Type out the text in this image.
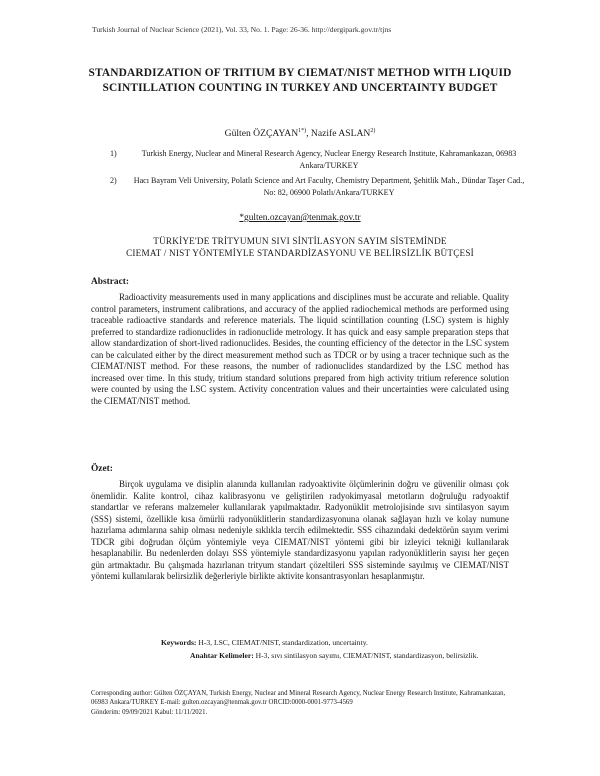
Turkish Journal of Nuclear Science (2021), Vol. 33, No. 1. Page: 26-36. http://dergipark.gov.tr/tjns
STANDARDIZATION OF TRITIUM BY CIEMAT/NIST METHOD WITH LIQUID SCINTILLATION COUNTING IN TURKEY AND UNCERTAINTY BUDGET
Gülten $ÖZÇAYAN^{1*)}$, Nazife ASLAN$^{2)}$
1)	Turkish Energy, Nuclear and Mineral Research Agency, Nuclear Energy Research Institute, Kahramankazan, 06983 Ankara/TURKEY
2)	Hacı Bayram Veli University, Polatlı Science and Art Faculty, Chemistry Department, Şehitlik Mah., Dündar Taşer Cad., No: 82, 06900 Polatlı/Ankara/TURKEY
*gulten.ozcayan@tenmak.gov.tr
TÜRKİYE'DE TRİTYUMUN SIVI SİNTİLASYON SAYIM SİSTEMİNDE
CIEMAT / NIST YÖNTEMİYLE STANDARDİZASYONU VE BELİRSİZLİK BÜTÇESİ
Abstract:
Radioactivity measurements used in many applications and disciplines must be accurate and reliable. Quality control parameters, instrument calibrations, and accuracy of the applied radiochemical methods are performed using traceable radioactive standards and reference materials. The liquid scintillation counting (LSC) system is highly preferred to standardize radionuclides in radionuclide metrology. It has quick and easy sample preparation steps that allow standardization of short-lived radionuclides. Besides, the counting efficiency of the detector in the LSC system can be calculated either by the direct measurement method such as TDCR or by using a tracer technique such as the CIEMAT/NIST method. For these reasons, the number of radionuclides standardized by the LSC method has increased over time. In this study, tritium standard solutions prepared from high activity tritium reference solution were counted by using the LSC system. Activity concentration values and their uncertainties were calculated using the CIEMAT/NIST method.
Özet:
Birçok uygulama ve disiplin alanında kullanılan radyoaktivite ölçümlerinin doğru ve güvenilir olması çok önemlidir. Kalite kontrol, cihaz kalibrasyonu ve geliştirilen radyokimyasal metotların doğruluğu radyoaktif standartlar ve referans malzemeler kullanılarak yapılmaktadır. Radyonüklit metrolojisinde sıvı sintilasyon sayım (SSS) sistemi, özellikle kısa ömürlü radyonüklitlerin standardizasyonuna olanak sağlayan hızlı ve kolay numune hazırlama adımlarına sahip olması nedeniyle sıklıkla tercih edilmektedir. SSS cihazındaki dedektörün sayım verimi TDCR gibi doğrudan ölçüm yöntemiyle veya CIEMAT/NIST yöntemi gibi bir izleyici tekniği kullanılarak hesaplanabilir. Bu nedenlerden dolayı SSS yöntemiyle standardizasyonu yapılan radyonüklitlerin sayısı her geçen gün artmaktadır. Bu çalışmada hazırlanan trityum standart çözeltileri SSS sisteminde sayılmış ve CIEMAT/NIST yöntemi kullanılarak belirsizlik değerleriyle birlikte aktivite konsantrasyonları hesaplanmıştır.
Keywords: H-3, LSC, CIEMAT/NIST, standardization, uncertainty.
Anahtar Kelimeler: H-3, sıvı sintilasyon sayımı, CIEMAT/NIST, standardizasyon, belirsizlik.
Corresponding author: Gülten ÖZÇAYAN, Turkish Energy, Nuclear and Mineral Research Agency, Nuclear Energy Research Institute, Kahramankazan, 06983 Ankara/TURKEY E-mail: gulten.ozcayan@tenmak.gov.tr ORCID:0000-0001-9773-4569
Gönderim: 09/09/2021 Kabul: 11/11/2021.
